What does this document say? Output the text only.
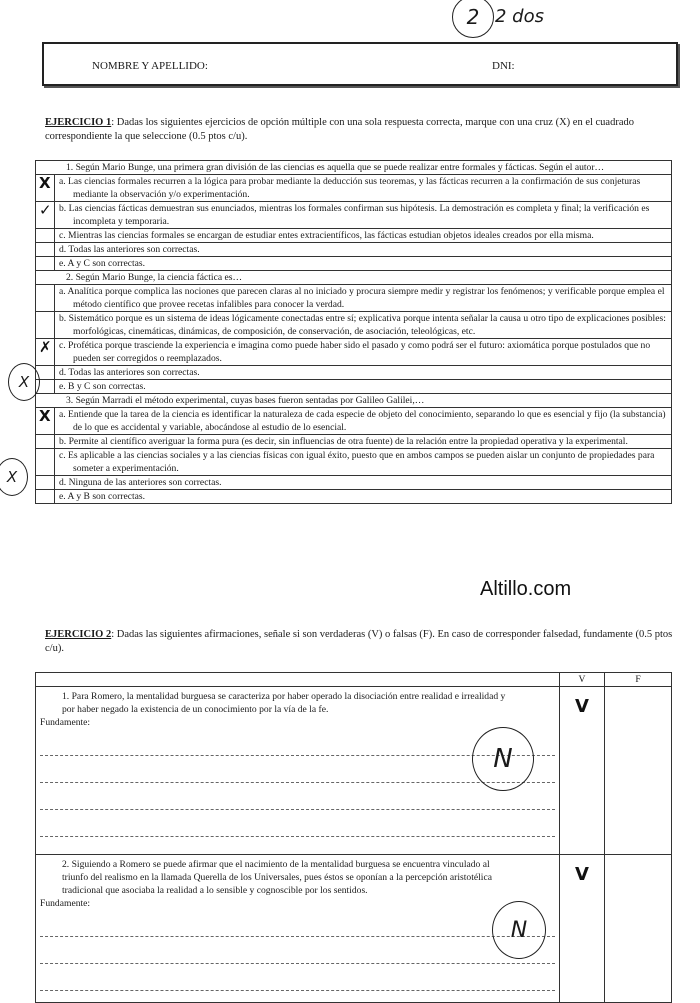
2 2 dos
NOMBRE Y APELLIDO:	DNI:
EJERCICIO 1: Dadas los siguientes ejercicios de opción múltiple con una sola respuesta correcta, marque con una cruz (X) en el cuadrado correspondiente la que seleccione (0.5 ptos c/u).
1. Según Mario Bunge, una primera gran división de las ciencias es aquella que se puede realizar entre formales y fácticas. Según el autor…	

X	a. Las ciencias formales recurren a la lógica para probar mediante la deducción sus teoremas, y las fácticas recurren a la confirmación de sus conjeturas mediante la observación y/o experimentación.

✓	b. Las ciencias fácticas demuestran sus enunciados, mientras los formales confirman sus hipótesis. La demostración es completa y final; la verificación es incompleta y temporaria.

	c. Mientras las ciencias formales se encargan de estudiar entes extracientíficos, las fácticas estudian objetos ideales creados por ella misma.

	d. Todas las anteriores son correctas.

	e. A y C son correctas.

2. Según Mario Bunge, la ciencia fáctica es…	

	a. Analítica porque complica las nociones que parecen claras al no iniciado y procura siempre medir y registrar los fenómenos; y verificable porque emplea el método científico que provee recetas infalibles para conocer la verdad.

	b. Sistemático porque es un sistema de ideas lógicamente conectadas entre sí; explicativa porque intenta señalar la causa u otro tipo de explicaciones posibles: morfológicas, cinemáticas, dinámicas, de composición, de conservación, de asociación, teleológicas, etc.

✗	c. Profética porque trasciende la experiencia e imagina como puede haber sido el pasado y como podrá ser el futuro: axiomática porque postulados que no pueden ser corregidos o reemplazados.

	d. Todas las anteriores son correctas.

	e. B y C son correctas.

3. Según Marradi el método experimental, cuyas bases fueron sentadas por Galileo Galilei,…	

X	a. Entiende que la tarea de la ciencia es identificar la naturaleza de cada especie de objeto del conocimiento, separando lo que es esencial y fijo (la substancia) de lo que es accidental y variable, abocándose al estudio de lo esencial.

	b. Permite al científico averiguar la forma pura (es decir, sin influencias de otra fuente) de la relación entre la propiedad operativa y la experimental.

	c. Es aplicable a las ciencias sociales y a las ciencias físicas con igual éxito, puesto que en ambos campos se pueden aislar un conjunto de propiedades para someter a experimentación.

	d. Ninguna de las anteriores son correctas.

	e. A y B son correctas.
X
X
Altillo.com
EJERCICIO 2: Dadas las siguientes afirmaciones, señale si son verdaderas (V) o falsas (F). En caso de corresponder falsedad, fundamente (0.5 ptos c/u).
	V	F

1. Para Romero, la mentalidad burguesa se caracteriza por haber operado la disociación entre realidad e irrealidad y por haber negado la existencia de un conocimiento por la vía de la fe.
Fundamente:
N	V	

2. Siguiendo a Romero se puede afirmar que el nacimiento de la mentalidad burguesa se encuentra vinculado al triunfo del realismo en la llamada Querella de los Universales, pues éstos se oponían a la percepción aristotélica tradicional que asociaba la realidad a lo sensible y cognoscible por los sentidos.
Fundamente:
N	V	
